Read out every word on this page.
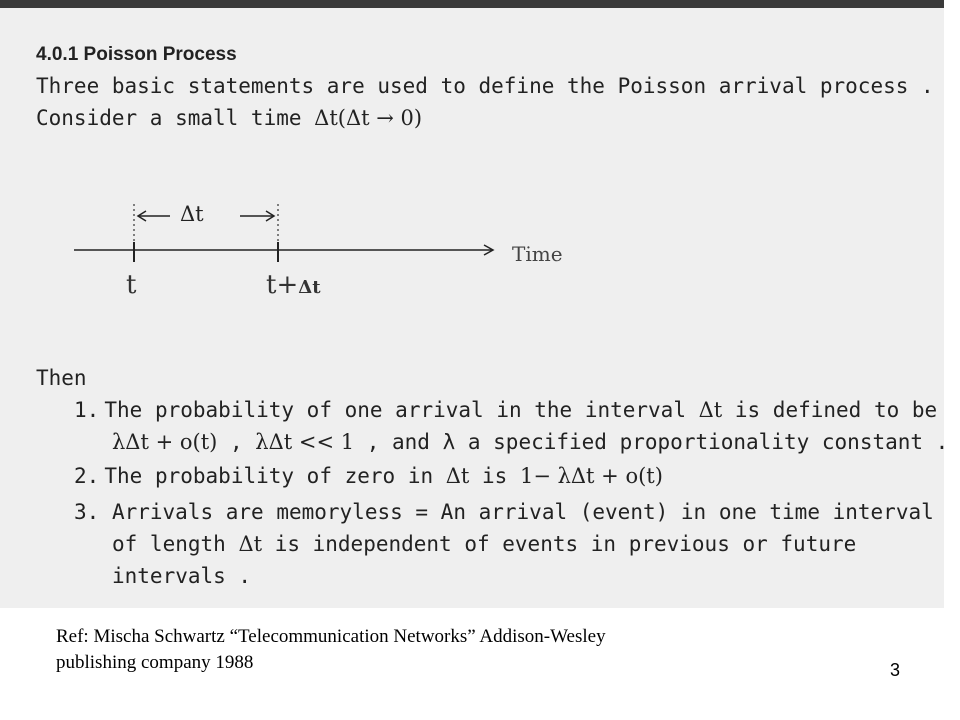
4.0.1 Poisson Process
Three basic statements are used to define the Poisson arrival process .
Consider a small time Δt(Δt → 0)
Δt
Time
t	t+Δt
Then
1. The probability of one arrival in the interval Δt is defined to be
λΔt + o(t) , λΔt << 1 , and λ a specified proportionality constant .
2. The probability of zero in Δt is 1− λΔt + o(t)
3. Arrivals are memoryless = An arrival (event) in one time interval
of length Δt is independent of events in previous or future
intervals .
Ref: Mischa Schwartz “Telecommunication Networks” Addison-Wesley
publishing company 1988	3
